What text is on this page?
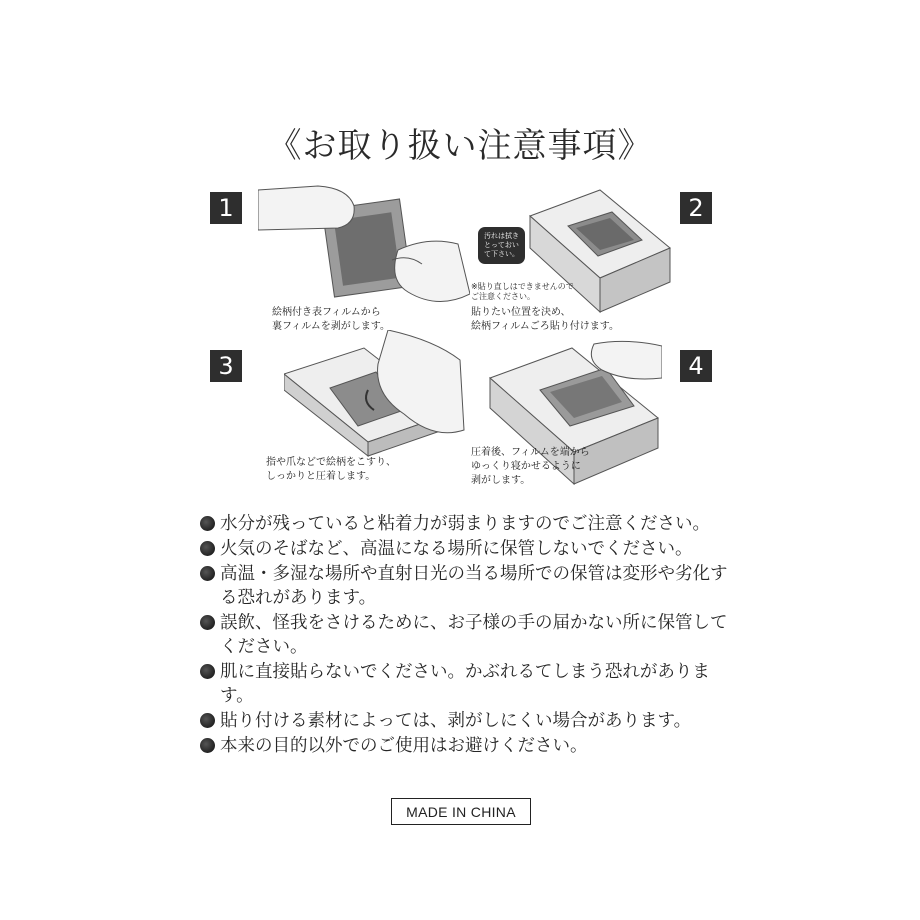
《お取り扱い注意事項》
1
絵柄付き表フィルムから
裏フィルムを剥がします。
2
汚れは拭き
とっておい
て下さい。
※貼り直しはできませんので
ご注意ください。
貼りたい位置を決め、
絵柄フィルムごろ貼り付けます。
3
指や爪などで絵柄をこすり、
しっかりと圧着します。
4
圧着後、フィルムを端から
ゆっくり寝かせるように
剥がします。
水分が残っていると粘着力が弱まりますのでご注意ください。
火気のそばなど、高温になる場所に保管しないでください。
高温・多湿な場所や直射日光の当る場所での保管は変形や劣化する恐れがあります。
誤飲、怪我をさけるために、お子様の手の届かない所に保管してください。
肌に直接貼らないでください。かぶれるてしまう恐れがあります。
貼り付ける素材によっては、剥がしにくい場合があります。
本来の目的以外でのご使用はお避けください。
MADE IN CHINA
